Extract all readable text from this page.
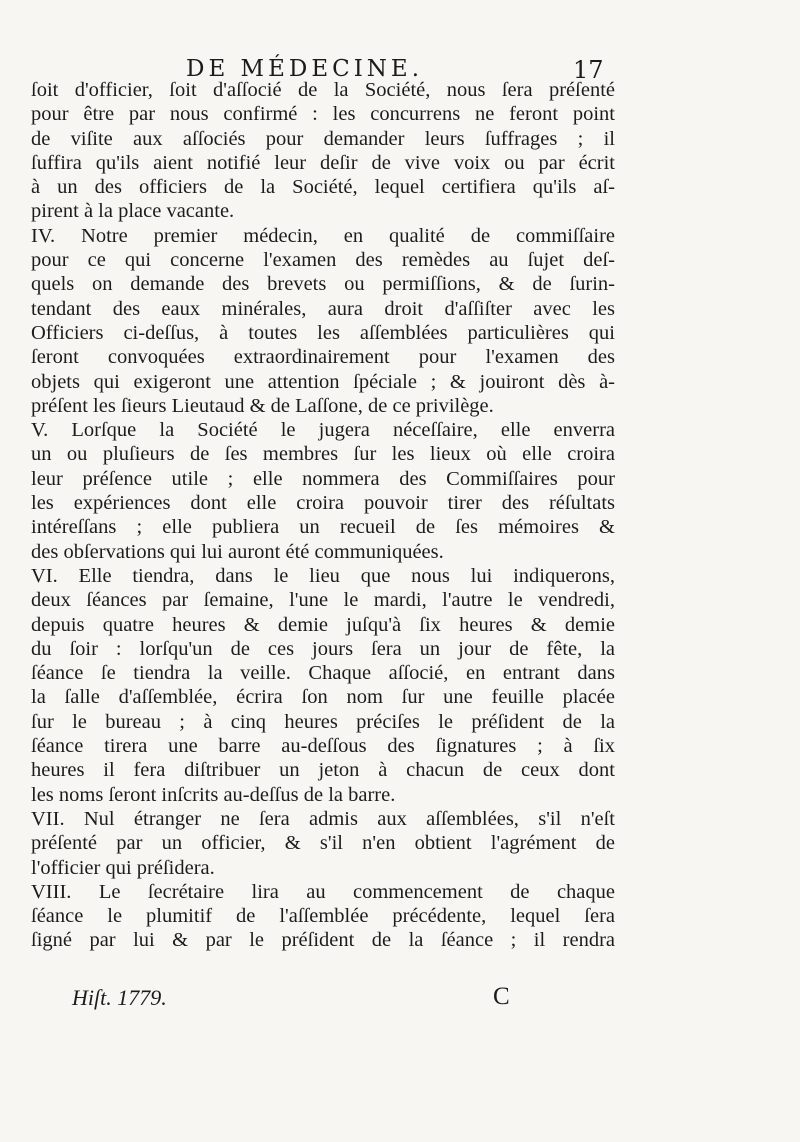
DE MÉDECINE.	17
ſoit d'officier, ſoit d'aſſocié de la Société, nous ſera préſenté
pour être par nous confirmé : les concurrens ne feront point
de viſite aux aſſociés pour demander leurs ſuffrages ; il
ſuffira qu'ils aient notifié leur deſir de vive voix ou par écrit
à un des officiers de la Société, lequel certifiera qu'ils aſ-
pirent à la place vacante.
IV. Notre premier médecin, en qualité de commiſſaire
pour ce qui concerne l'examen des remèdes au ſujet deſ-
quels on demande des brevets ou permiſſions, & de ſurin-
tendant des eaux minérales, aura droit d'aſſiſter avec les
Officiers ci-deſſus, à toutes les aſſemblées particulières qui
ſeront convoquées extraordinairement pour l'examen des
objets qui exigeront une attention ſpéciale ; & jouiront dès à-
préſent les ſieurs Lieutaud & de Laſſone, de ce privilège.
V. Lorſque la Société le jugera néceſſaire, elle enverra
un ou pluſieurs de ſes membres ſur les lieux où elle croira
leur préſence utile ; elle nommera des Commiſſaires pour
les expériences dont elle croira pouvoir tirer des réſultats
intéreſſans ; elle publiera un recueil de ſes mémoires &
des obſervations qui lui auront été communiquées.
VI. Elle tiendra, dans le lieu que nous lui indiquerons,
deux ſéances par ſemaine, l'une le mardi, l'autre le vendredi,
depuis quatre heures & demie juſqu'à ſix heures & demie
du ſoir : lorſqu'un de ces jours ſera un jour de fête, la
ſéance ſe tiendra la veille. Chaque aſſocié, en entrant dans
la ſalle d'aſſemblée, écrira ſon nom ſur une feuille placée
ſur le bureau ; à cinq heures préciſes le préſident de la
ſéance tirera une barre au-deſſous des ſignatures ; à ſix
heures il fera diſtribuer un jeton à chacun de ceux dont
les noms ſeront inſcrits au-deſſus de la barre.
VII. Nul étranger ne ſera admis aux aſſemblées, s'il n'eſt
préſenté par un officier, & s'il n'en obtient l'agrément de
l'officier qui préſidera.
VIII. Le ſecrétaire lira au commencement de chaque
ſéance le plumitif de l'aſſemblée précédente, lequel ſera
ſigné par lui & par le préſident de la ſéance ; il rendra
Hiſt. 1779.	C
